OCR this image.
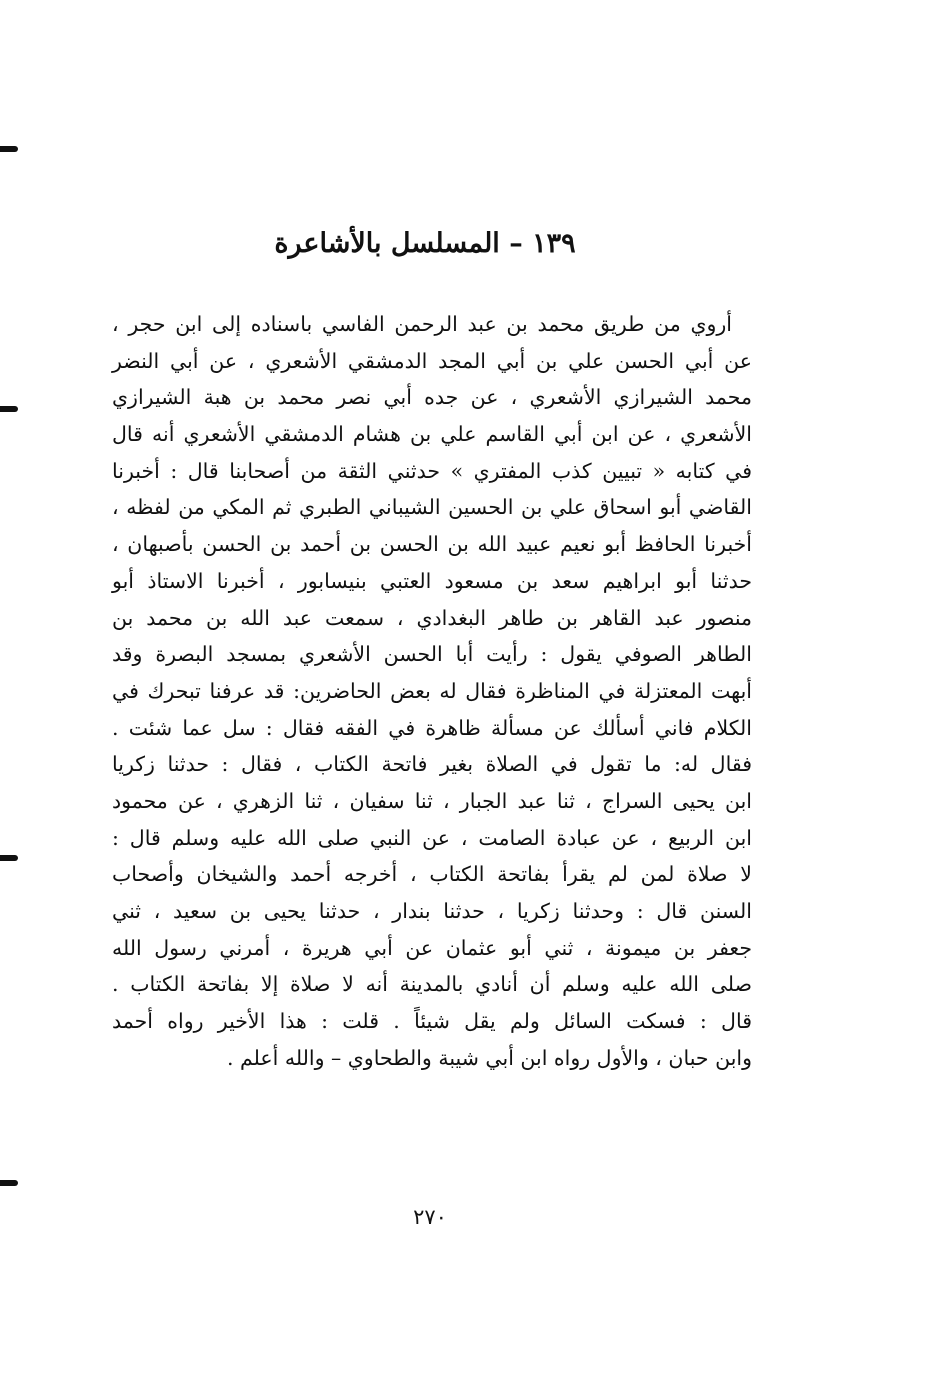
١٣٩ – المسلسل بالأشاعرة
أروي من طريق محمد بن عبد الرحمن الفاسي باسناده إلى ابن حجر ،
عن أبي الحسن علي بن أبي المجد الدمشقي الأشعري ، عن أبي النضر
محمد الشيرازي الأشعري ، عن جده أبي نصر محمد بن هبة الشيرازي
الأشعري ، عن ابن أبي القاسم علي بن هشام الدمشقي الأشعري أنه قال
في كتابه « تبيين كذب المفتري » حدثني الثقة من أصحابنا قال : أخبرنا
القاضي أبو اسحاق علي بن الحسين الشيباني الطبري ثم المكي من لفظه ،
أخبرنا الحافظ أبو نعيم عبيد الله بن الحسن بن أحمد بن الحسن بأصبهان ،
حدثنا أبو ابراهيم سعد بن مسعود العتبي بنيسابور ، أخبرنا الاستاذ أبو
منصور عبد القاهر بن طاهر البغدادي ، سمعت عبد الله بن محمد بن
الطاهر الصوفي يقول : رأيت أبا الحسن الأشعري بمسجد البصرة وقد
أبهت المعتزلة في المناظرة فقال له بعض الحاضرين: قد عرفنا تبحرك في
الكلام فاني أسألك عن مسألة ظاهرة في الفقه فقال : سل عما شئت .
فقال له: ما تقول في الصلاة بغير فاتحة الكتاب ، فقال : حدثنا زكريا
ابن يحيى السراج ، ثنا عبد الجبار ، ثنا سفيان ، ثنا الزهري ، عن محمود
ابن الربيع ، عن عبادة الصامت ، عن النبي صلى الله عليه وسلم قال :
لا صلاة لمن لم يقرأ بفاتحة الكتاب ، أخرجه أحمد والشيخان وأصحاب
السنن قال : وحدثنا زكريا ، حدثنا بندار ، حدثنا يحيى بن سعيد ، ثني
جعفر بن ميمونة ، ثني أبو عثمان عن أبي هريرة ، أمرني رسول الله
صلى الله عليه وسلم أن أنادي بالمدينة أنه لا صلاة إلا بفاتحة الكتاب .
قال : فسكت السائل ولم يقل شيئاً . قلت : هذا الأخير رواه أحمد
وابن حبان ، والأول رواه ابن أبي شيبة والطحاوي – والله أعلم .
٢٧٠
